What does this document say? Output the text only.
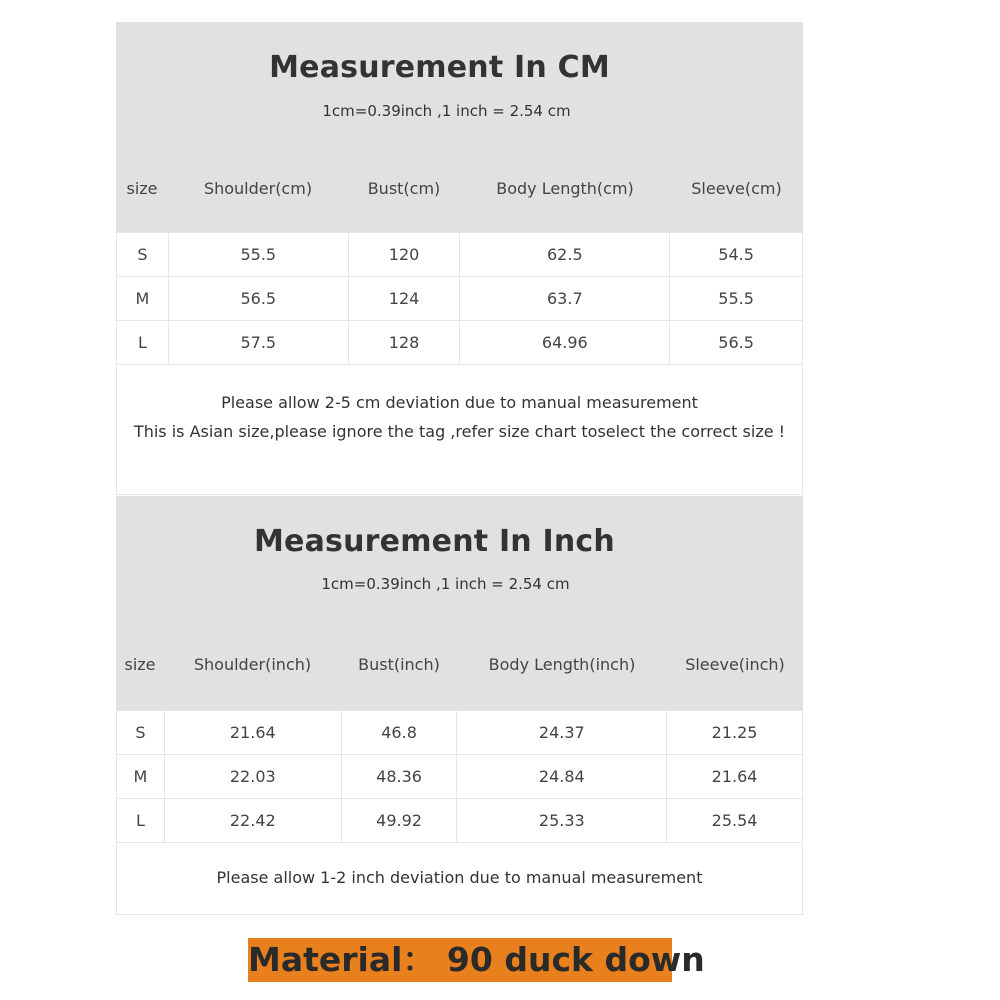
Measurement In CM
1cm=0.39inch ,1 inch = 2.54 cm
size	Shoulder(cm)	Bust(cm)	Body Length(cm)	Sleeve(cm)
S	55.5	120	62.5	54.5
M	56.5	124	63.7	55.5
L	57.5	128	64.96	56.5
Please allow 2-5 cm deviation due to manual measurement
This is Asian size,please ignore the tag ,refer size chart toselect the correct size !
Measurement In Inch
1cm=0.39inch ,1 inch = 2.54 cm
size	Shoulder(inch)	Bust(inch)	Body Length(inch)	Sleeve(inch)
S	21.64	46.8	24.37	21.25
M	22.03	48.36	24.84	21.64
L	22.42	49.92	25.33	25.54
Please allow 1-2 inch deviation due to manual measurement
Material： 90 duck down
